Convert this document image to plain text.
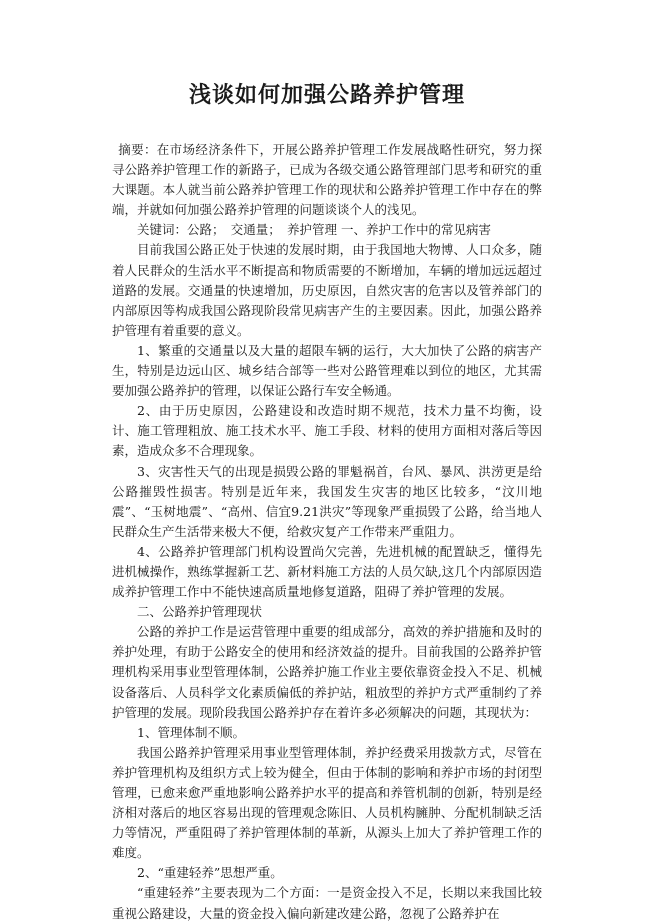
浅谈如何加强公路养护管理

摘要：在市场经济条件下，开展公路养护管理工作发展战略性研究，努力探寻公路养护管理工作的新路子，已成为各级交通公路管理部门思考和研究的重大课题。本人就当前公路养护管理工作的现状和公路养护管理工作中存在的弊端，并就如何加强公路养护管理的问题谈谈个人的浅见。

关键词：公路；　交通量；　养护管理 一、养护工作中的常见病害

目前我国公路正处于快速的发展时期，由于我国地大物博、人口众多，随着人民群众的生活水平不断提高和物质需要的不断增加，车辆的增加远远超过道路的发展。交通量的快速增加，历史原因，自然灾害的危害以及管养部门的内部原因等构成我国公路现阶段常见病害产生的主要因素。因此，加强公路养护管理有着重要的意义。

1、繁重的交通量以及大量的超限车辆的运行，大大加快了公路的病害产生，特别是边远山区、城乡结合部等一些对公路管理难以到位的地区，尤其需要加强公路养护的管理，以保证公路行车安全畅通。

2、由于历史原因，公路建设和改造时期不规范，技术力量不均衡，设计、施工管理粗放、施工技术水平、施工手段、材料的使用方面相对落后等因素，造成众多不合理现象。

3、灾害性天气的出现是损毁公路的罪魁祸首，台风、暴风、洪涝更是给公路摧毁性损害。特别是近年来，我国发生灾害的地区比较多，“汶川地震”、“玉树地震”、“高州、信宜9.21洪灾”等现象严重损毁了公路，给当地人民群众生产生活带来极大不便，给救灾复产工作带来严重阻力。

4、公路养护管理部门机构设置尚欠完善，先进机械的配置缺乏，懂得先进机械操作，熟练掌握新工艺、新材料施工方法的人员欠缺,这几个内部原因造成养护管理工作中不能快速高质量地修复道路，阻碍了养护管理的发展。

二、公路养护管理现状

公路的养护工作是运营管理中重要的组成部分，高效的养护措施和及时的养护处理，有助于公路安全的使用和经济效益的提升。目前我国的公路养护管理机构采用事业型管理体制，公路养护施工作业主要依靠资金投入不足、机械设备落后、人员科学文化素质偏低的养护站，粗放型的养护方式严重制约了养护管理的发展。现阶段我国公路养护存在着许多必须解决的问题，其现状为：

1、管理体制不顺。

我国公路养护管理采用事业型管理体制，养护经费采用拨款方式，尽管在养护管理机构及组织方式上较为健全，但由于体制的影响和养护市场的封闭型管理，已愈来愈严重地影响公路养护水平的提高和养管机制的创新，特别是经济相对落后的地区容易出现的管理观念陈旧、人员机构臃肿、分配机制缺乏活力等情况，严重阻碍了养护管理体制的革新，从源头上加大了养护管理工作的难度。

2、“重建轻养”思想严重。

“重建轻养”主要表现为二个方面：一是资金投入不足，长期以来我国比较重视公路建设，大量的资金投入偏向新建改建公路，忽视了公路养护在
